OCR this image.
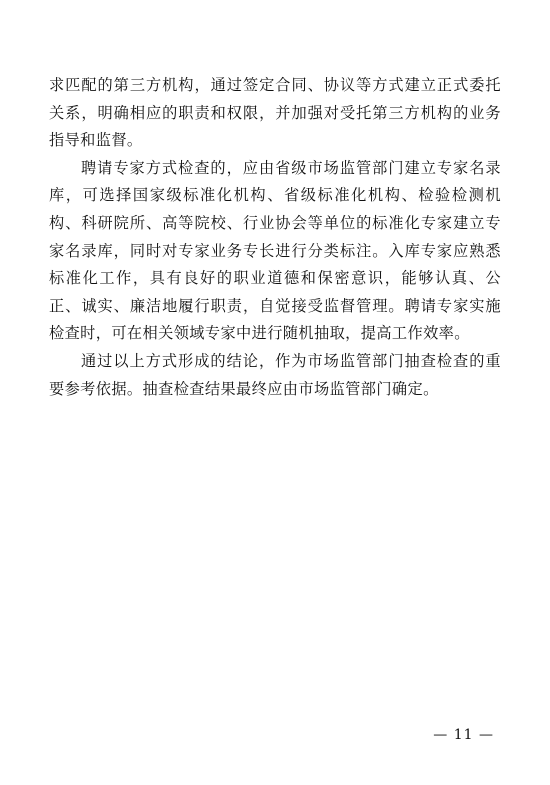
求匹配的第三方机构，通过签定合同、协议等方式建立正式委托关系，明确相应的职责和权限，并加强对受托第三方机构的业务指导和监督。

聘请专家方式检查的，应由省级市场监管部门建立专家名录库，可选择国家级标准化机构、省级标准化机构、检验检测机构、科研院所、高等院校、行业协会等单位的标准化专家建立专家名录库，同时对专家业务专长进行分类标注。入库专家应熟悉标准化工作，具有良好的职业道德和保密意识，能够认真、公正、诚实、廉洁地履行职责，自觉接受监督管理。聘请专家实施检查时，可在相关领域专家中进行随机抽取，提高工作效率。

通过以上方式形成的结论，作为市场监管部门抽查检查的重要参考依据。抽查检查结果最终应由市场监管部门确定。

— 11 —
